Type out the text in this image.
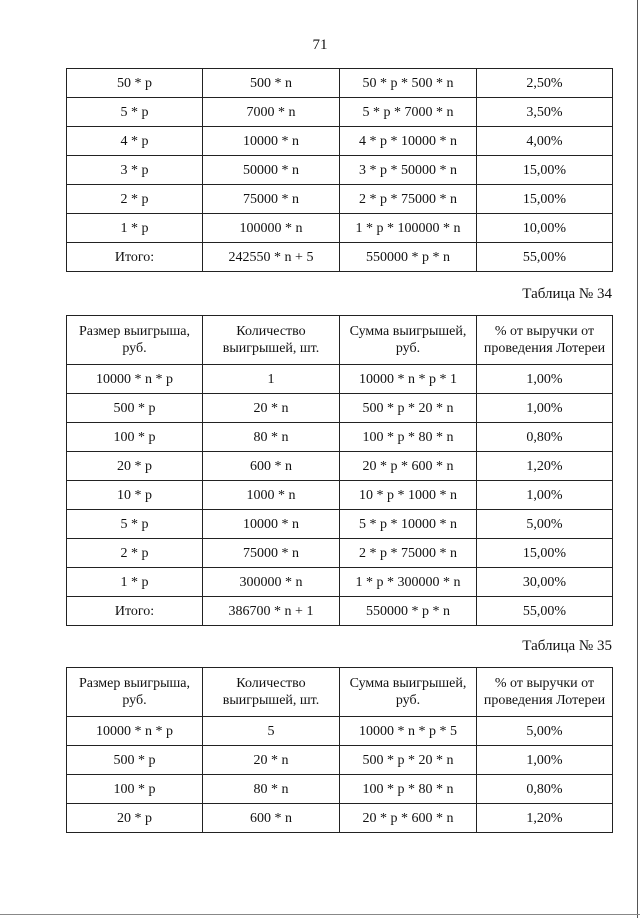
71
50 * р	500 * n	50 * р * 500 * n	2,50%
5 * р	7000 * n	5 * р * 7000 * n	3,50%
4 * р	10000 * n	4 * р * 10000 * n	4,00%
3 * р	50000 * n	3 * р * 50000 * n	15,00%
2 * р	75000 * n	2 * р * 75000 * n	15,00%
1 * р	100000 * n	1 * р * 100000 * n	10,00%
Итого:	242550 * n + 5	550000 * р * n	55,00%
Таблица № 34
Размер выигрыша, руб.	Количество выигрышей, шт.	Сумма выигрышей, руб.	% от выручки от проведения Лотереи
10000 * n * р	1	10000 * n * р * 1	1,00%
500 * р	20 * n	500 * р * 20 * n	1,00%
100 * р	80 * n	100 * р * 80 * n	0,80%
20 * р	600 * n	20 * р * 600 * n	1,20%
10 * р	1000 * n	10 * р * 1000 * n	1,00%
5 * р	10000 * n	5 * р * 10000 * n	5,00%
2 * р	75000 * n	2 * р * 75000 * n	15,00%
1 * р	300000 * n	1 * р * 300000 * n	30,00%
Итого:	386700 * n + 1	550000 * р * n	55,00%
Таблица № 35
Размер выигрыша, руб.	Количество выигрышей, шт.	Сумма выигрышей, руб.	% от выручки от проведения Лотереи
10000 * n * р	5	10000 * n * р * 5	5,00%
500 * р	20 * n	500 * р * 20 * n	1,00%
100 * р	80 * n	100 * р * 80 * n	0,80%
20 * р	600 * n	20 * р * 600 * n	1,20%
